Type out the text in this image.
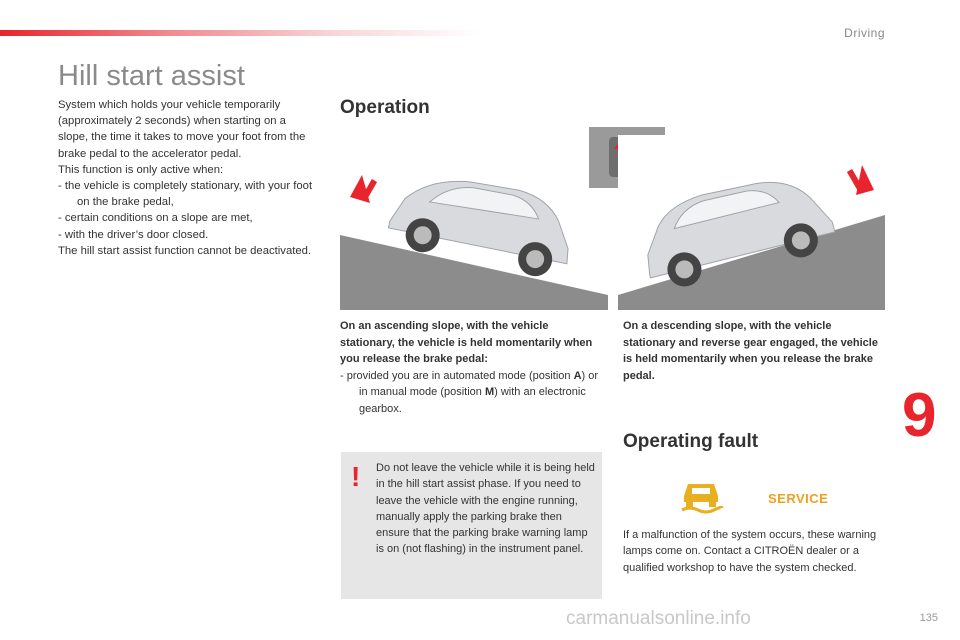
Driving
Hill start assist

System which holds your vehicle temporarily (approximately 2 seconds) when starting on a slope, the time it takes to move your foot from the brake pedal to the accelerator pedal.

This function is only active when:

- the vehicle is completely stationary, with your foot on the brake pedal,

- certain conditions on a slope are met,

- with the driver’s door closed.

The hill start assist function cannot be deactivated.

Operation
On an ascending slope, with the vehicle stationary, the vehicle is held momentarily when you release the brake pedal:
- provided you are in automated mode (position A) or in manual mode (position M) with an electronic gearbox.
On a descending slope, with the vehicle stationary and reverse gear engaged, the vehicle is held momentarily when you release the brake pedal.
! Do not leave the vehicle while it is being held in the hill start assist phase. If you need to leave the vehicle with the engine running, manually apply the parking brake then ensure that the parking brake warning lamp is on (not flashing) in the instrument panel.
Operating fault
SERVICE
If a malfunction of the system occurs, these warning lamps come on. Contact a CITROËN dealer or a qualified workshop to have the system checked.
9
carmanualsonline.info	135
